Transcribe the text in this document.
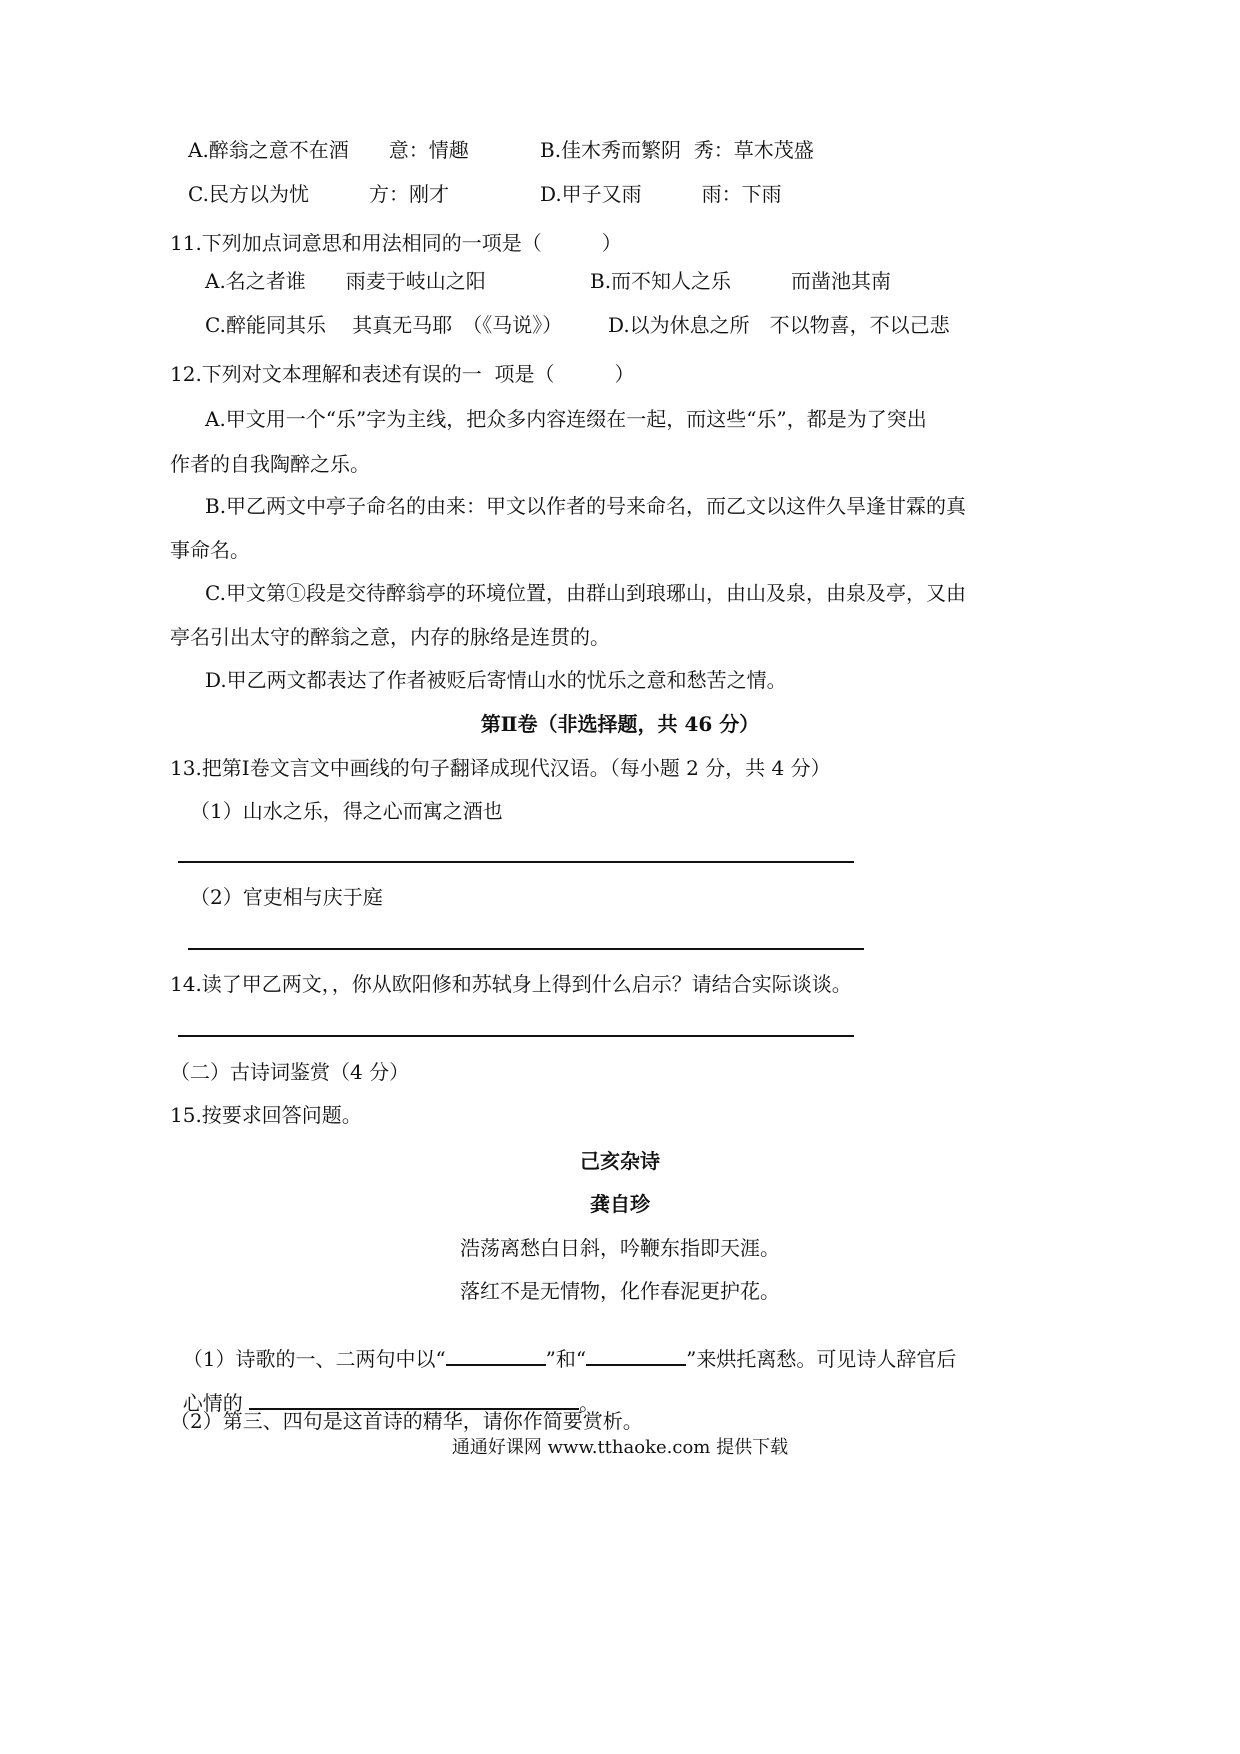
A.醉翁之意不在酒　　意：情趣	B.佳木秀而繁阴  秀：草木茂盛
C.民方以为忧　　　方：刚才	D.甲子又雨　　　雨：下雨
11.下列加点词意思和用法相同的一项是（　　　）
A.名之者谁　　雨麦于岐山之阳	B.而不知人之乐　　　而凿池其南
C.醉能同其乐　 其真无马耶　（《马说》） D.以为休息之所　不以物喜，不以己悲
12.下列对文本理解和表述有误的一  项是（　　　）
A.甲文用一个“乐”字为主线，把众多内容连缀在一起，而这些“乐”，都是为了突出
作者的自我陶醉之乐。
B.甲乙两文中亭子命名的由来：甲文以作者的号来命名，而乙文以这件久旱逢甘霖的真
事命名。
C.甲文第①段是交待醉翁亭的环境位置，由群山到琅琊山，由山及泉，由泉及亭，又由
亭名引出太守的醉翁之意，内存的脉络是连贯的。
D.甲乙两文都表达了作者被贬后寄情山水的忧乐之意和愁苦之情。
第Ⅱ卷（非选择题，共 46 分）
13.把第Ⅰ卷文言文中画线的句子翻译成现代汉语。（每小题 2 分，共 4 分）
（1）山水之乐，得之心而寓之酒也
（2）官吏相与庆于庭
14.读了甲乙两文，，你从欧阳修和苏轼身上得到什么启示？请结合实际谈谈。
（二）古诗词鉴赏（4 分）
15.按要求回答问题。
己亥杂诗
龚自珍
浩荡离愁白日斜，吟鞭东指即天涯。
落红不是无情物，化作春泥更护花。

（1）诗歌的一、二两句中以“	”和“	”来烘托离愁。可见诗人辞官后

心情的	。

（2）第三、四句是这首诗的精华，请你作简要赏析。
通通好课网 www.tthaoke.com 提供下载
